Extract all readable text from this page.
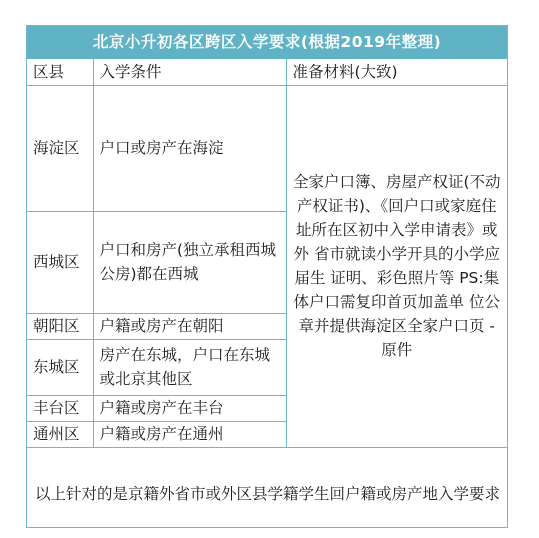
北京小升初各区跨区入学要求(根据2019年整理)
区县	入学条件	准备材料(大致)
海淀区	户口或房产在海淀	全家户口簿、房屋产权证(不动产权证书)、《回户口或家庭住 址所在区初中入学申请表》或外 省市就读小学开具的小学应届生 证明、彩色照片等 PS:集体户口需复印首页加盖单 位公章并提供海淀区全家户口页 -原件
西城区	户口和房产(独立承租西城公房)都在西城	
朝阳区	户籍或房产在朝阳	
东城区	房产在东城，户口在东城或北京其他区	
丰台区	户籍或房产在丰台	
通州区	户籍或房产在通州	
以上针对的是京籍外省市或外区县学籍学生回户籍或房产地入学要求
